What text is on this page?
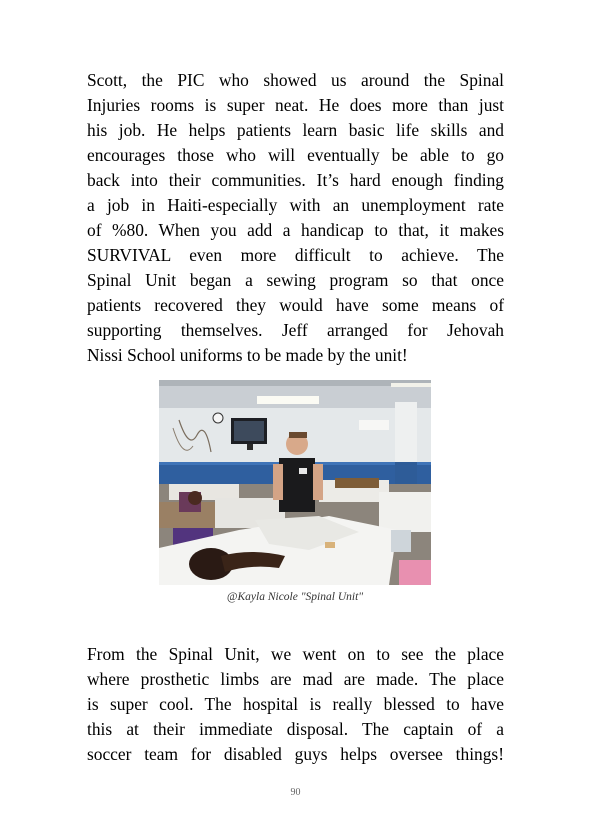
Scott, the PIC who showed us around the Spinal
Injuries rooms is super neat. He does more than just
his job. He helps patients learn basic life skills and
encourages those who will eventually be able to go
back into their communities. It’s hard enough finding
a job in Haiti-especially with an unemployment rate
of %80. When you add a handicap to that, it makes
SURVIVAL even more difficult to achieve. The
Spinal Unit began a sewing program so that once
patients recovered they would have some means of
supporting themselves. Jeff arranged for Jehovah
Nissi School uniforms to be made by the unit!

@Kayla Nicole "Spinal Unit"

From the Spinal Unit, we went on to see the place
where prosthetic limbs are mad are made. The place
is super cool. The hospital is really blessed to have
this at their immediate disposal. The captain of a
soccer team for disabled guys helps oversee things!

90
